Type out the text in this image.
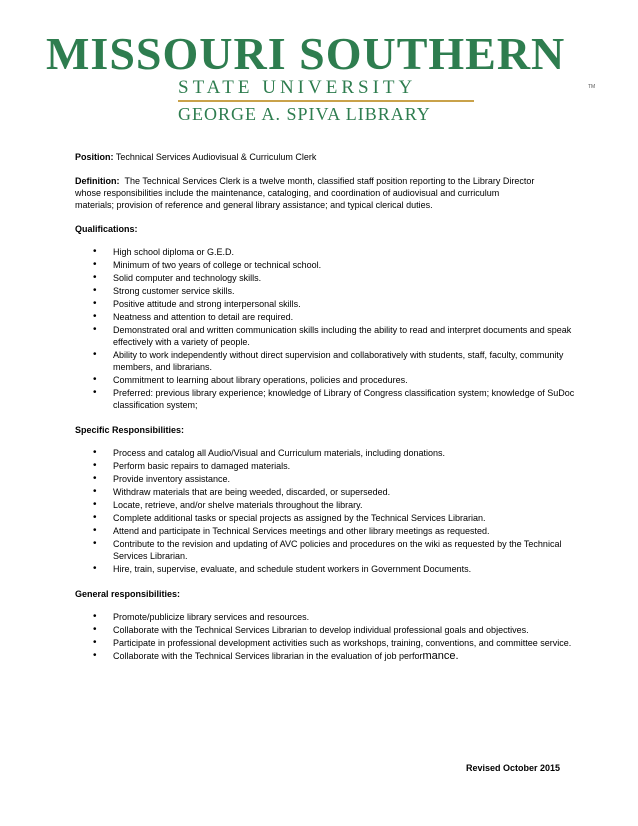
MISSOURI SOUTHERN
TM
STATE UNIVERSITY
GEORGE A. SPIVA LIBRARY

Position: Technical Services Audiovisual & Curriculum Clerk

Definition: The Technical Services Clerk is a twelve month, classified staff position reporting to the Library Director
whose responsibilities include the maintenance, cataloging, and coordination of audiovisual and curriculum
materials; provision of reference and general library assistance; and typical clerical duties.

Qualifications:

• High school diploma or G.E.D.
• Minimum of two years of college or technical school.
• Solid computer and technology skills.
• Strong customer service skills.
• Positive attitude and strong interpersonal skills.
• Neatness and attention to detail are required.
• Demonstrated oral and written communication skills including the ability to read and interpret documents and speak effectively with a variety of people.
• Ability to work independently without direct supervision and collaboratively with students, staff, faculty, community members, and librarians.
• Commitment to learning about library operations, policies and procedures.
• Preferred: previous library experience; knowledge of Library of Congress classification system; knowledge of SuDoc classification system;

Specific Responsibilities:

• Process and catalog all Audio/Visual and Curriculum materials, including donations.
• Perform basic repairs to damaged materials.
• Provide inventory assistance.
• Withdraw materials that are being weeded, discarded, or superseded.
• Locate, retrieve, and/or shelve materials throughout the library.
• Complete additional tasks or special projects as assigned by the Technical Services Librarian.
• Attend and participate in Technical Services meetings and other library meetings as requested.
• Contribute to the revision and updating of AVC policies and procedures on the wiki as requested by the Technical Services Librarian.
• Hire, train, supervise, evaluate, and schedule student workers in Government Documents.

General responsibilities:

• Promote/publicize library services and resources.
• Collaborate with the Technical Services Librarian to develop individual professional goals and objectives.
• Participate in professional development activities such as workshops, training, conventions, and committee service.
• Collaborate with the Technical Services librarian in the evaluation of job performance.
Revised October 2015
